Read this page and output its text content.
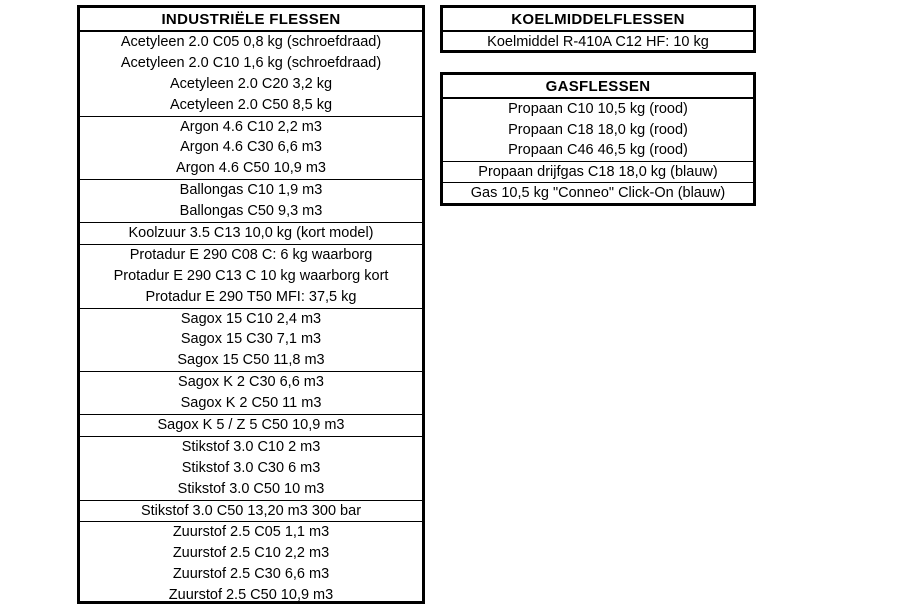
INDUSTRIËLE FLESSEN
Acetyleen 2.0 C05 0,8 kg (schroefdraad)
Acetyleen 2.0 C10 1,6 kg (schroefdraad)
Acetyleen 2.0 C20 3,2 kg
Acetyleen 2.0 C50 8,5 kg
Argon 4.6 C10 2,2 m3
Argon 4.6 C30 6,6 m3
Argon 4.6 C50 10,9 m3
Ballongas C10 1,9 m3
Ballongas C50 9,3 m3
Koolzuur 3.5 C13 10,0 kg (kort model)
Protadur E 290 C08 C: 6 kg waarborg
Protadur E 290 C13 C 10 kg waarborg kort
Protadur E 290 T50 MFI: 37,5 kg
Sagox 15 C10 2,4 m3
Sagox 15 C30 7,1 m3
Sagox 15 C50 11,8 m3
Sagox K 2 C30 6,6 m3
Sagox K 2 C50 11 m3
Sagox K 5 / Z 5 C50 10,9 m3
Stikstof 3.0 C10 2 m3
Stikstof 3.0 C30 6 m3
Stikstof 3.0 C50 10 m3
Stikstof 3.0 C50 13,20 m3 300 bar
Zuurstof 2.5 C05 1,1 m3
Zuurstof 2.5 C10 2,2 m3
Zuurstof 2.5 C30 6,6 m3
Zuurstof 2.5 C50 10,9 m3
KOELMIDDELFLESSEN
Koelmiddel R-410A C12 HF: 10 kg
GASFLESSEN
Propaan C10 10,5 kg (rood)
Propaan C18 18,0 kg (rood)
Propaan C46 46,5 kg (rood)
Propaan drijfgas C18 18,0 kg (blauw)
Gas 10,5 kg "Conneo" Click-On (blauw)
